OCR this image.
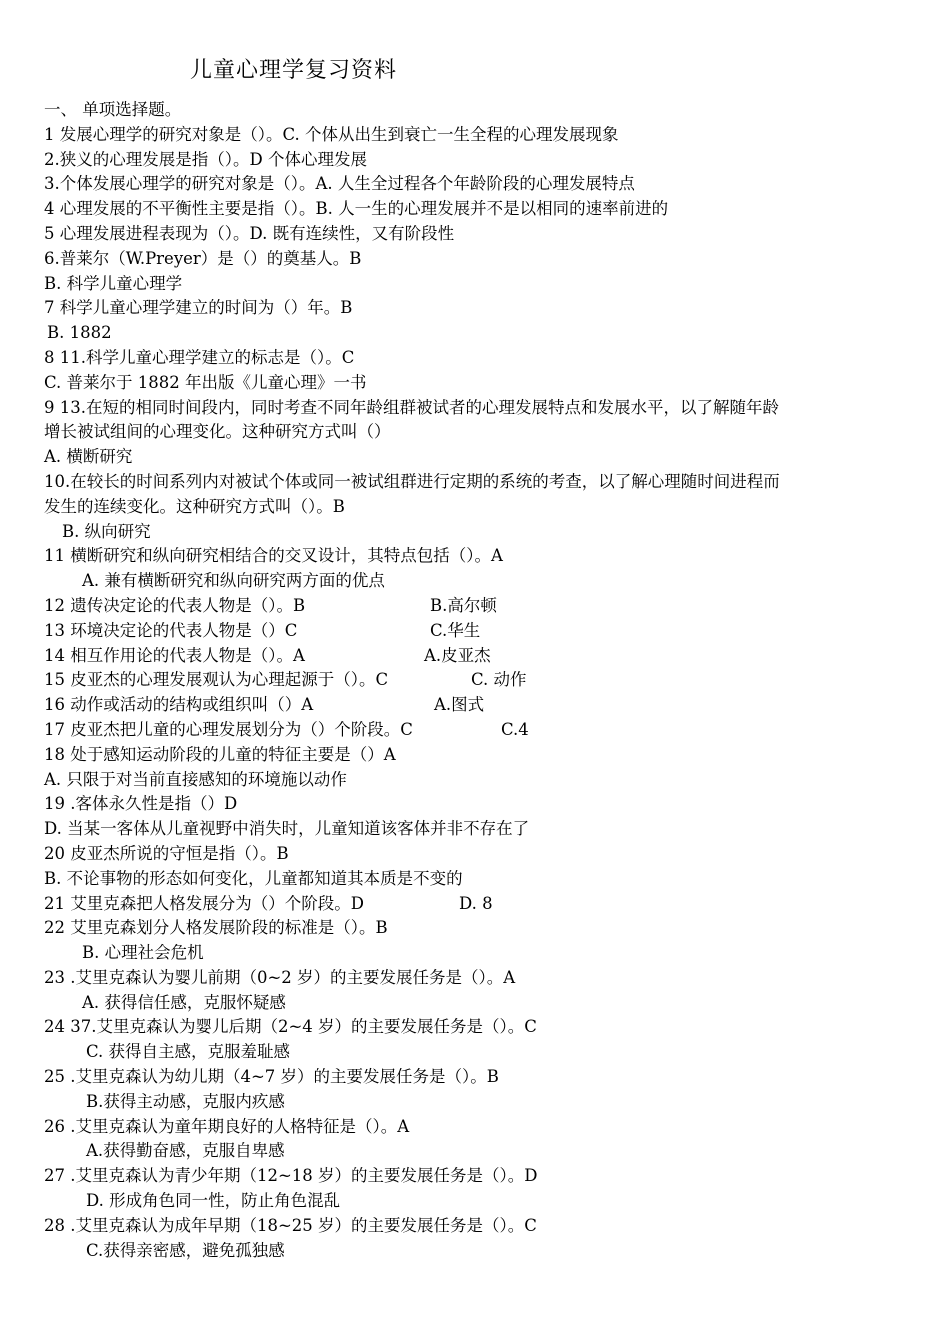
儿童心理学复习资料
一、 单项选择题。
1 发展心理学的研究对象是（）。C. 个体从出生到衰亡一生全程的心理发展现象
2.狭义的心理发展是指（）。D 个体心理发展
3.个体发展心理学的研究对象是（）。A. 人生全过程各个年龄阶段的心理发展特点
4 心理发展的不平衡性主要是指（）。B. 人一生的心理发展并不是以相同的速率前进的
5 心理发展进程表现为（）。D. 既有连续性，又有阶段性
6.普莱尔（W.Preyer）是（）的奠基人。B
B. 科学儿童心理学
7 科学儿童心理学建立的时间为（）年。B
B. 1882
8 11.科学儿童心理学建立的标志是（）。C
C. 普莱尔于 1882 年出版《儿童心理》一书
9 13.在短的相同时间段内，同时考查不同年龄组群被试者的心理发展特点和发展水平，以了解随年龄
增长被试组间的心理变化。这种研究方式叫（）
A. 横断研究
10.在较长的时间系列内对被试个体或同一被试组群进行定期的系统的考查，以了解心理随时间进程而
发生的连续变化。这种研究方式叫（）。B
B. 纵向研究
11 横断研究和纵向研究相结合的交叉设计，其特点包括（）。A
A. 兼有横断研究和纵向研究两方面的优点
12 遗传决定论的代表人物是（）。B	B.高尔顿
13 环境决定论的代表人物是（）C	C.华生
14 相互作用论的代表人物是（）。A	A.皮亚杰
15 皮亚杰的心理发展观认为心理起源于（）。C	C. 动作
16 动作或活动的结构或组织叫（）A	A.图式
17 皮亚杰把儿童的心理发展划分为（）个阶段。C	C.4
18 处于感知运动阶段的儿童的特征主要是（）A
A. 只限于对当前直接感知的环境施以动作
19 .客体永久性是指（）D
D. 当某一客体从儿童视野中消失时，儿童知道该客体并非不存在了
20 皮亚杰所说的守恒是指（）。B
B. 不论事物的形态如何变化，儿童都知道其本质是不变的
21 艾里克森把人格发展分为（）个阶段。D	D. 8
22 艾里克森划分人格发展阶段的标准是（）。B
B. 心理社会危机
23 .艾里克森认为婴儿前期（0~2 岁）的主要发展任务是（）。A
A. 获得信任感，克服怀疑感
24 37.艾里克森认为婴儿后期（2~4 岁）的主要发展任务是（）。C
C. 获得自主感，克服羞耻感
25 .艾里克森认为幼儿期（4~7 岁）的主要发展任务是（）。B
B.获得主动感，克服内疚感
26 .艾里克森认为童年期良好的人格特征是（）。A
A.获得勤奋感，克服自卑感
27 .艾里克森认为青少年期（12~18 岁）的主要发展任务是（）。D
D. 形成角色同一性，防止角色混乱
28 .艾里克森认为成年早期（18~25 岁）的主要发展任务是（）。C
C.获得亲密感，避免孤独感
